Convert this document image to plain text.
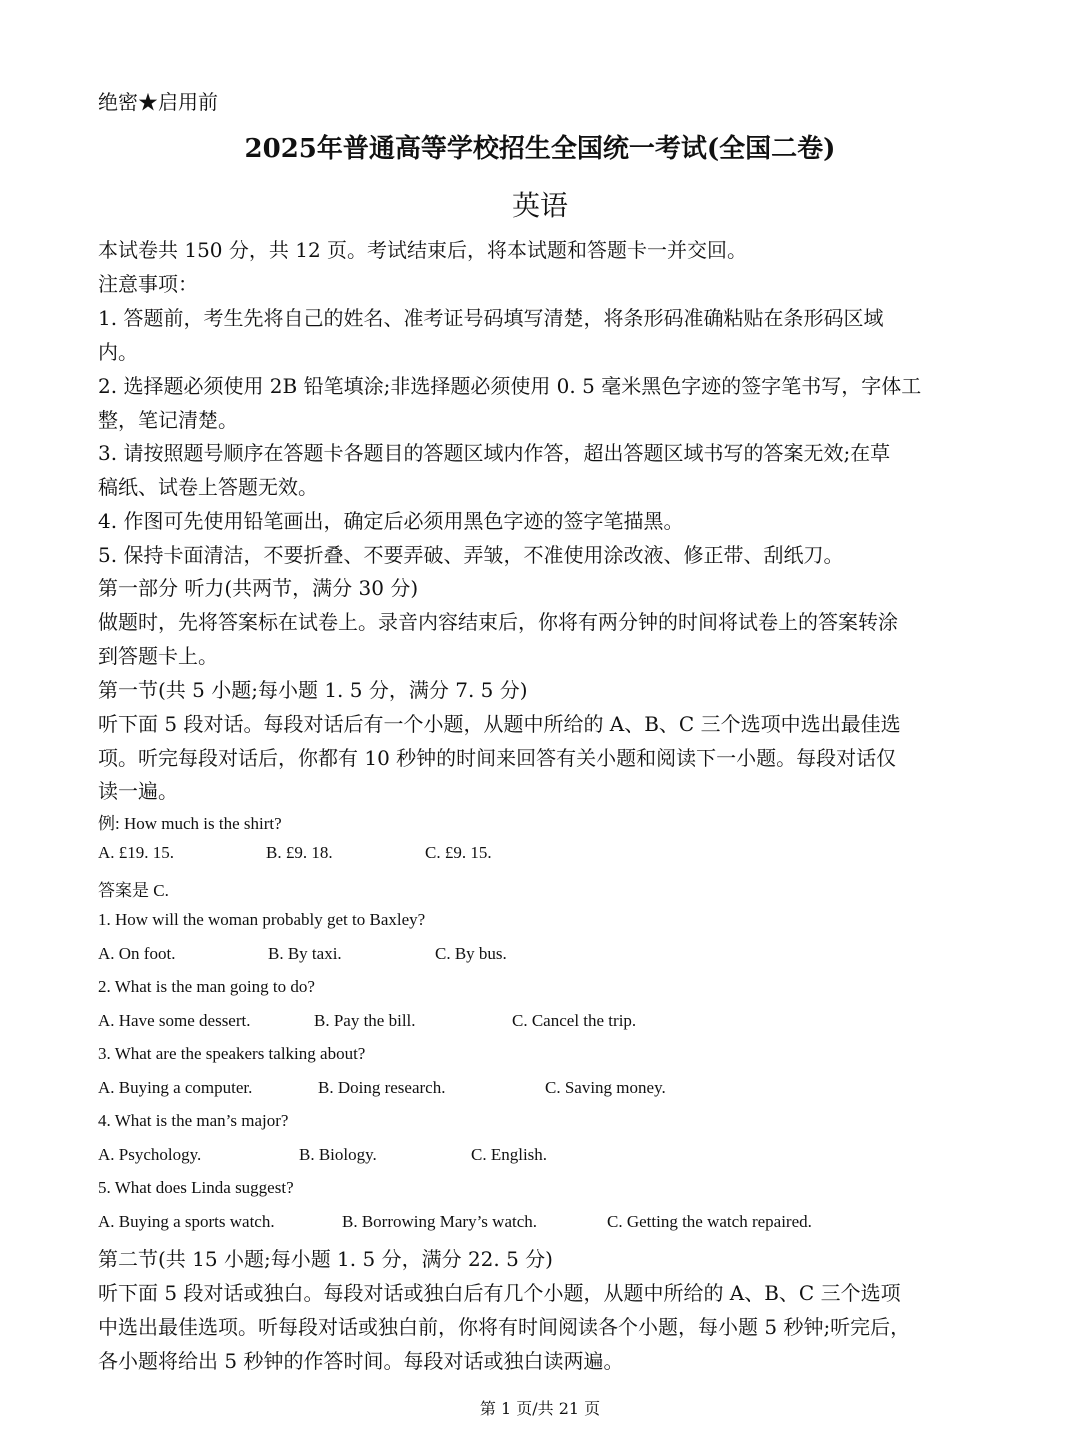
绝密★启用前
2025年普通高等学校招生全国统一考试(全国二卷)
英语
本试卷共 150 分，共 12 页。考试结束后，将本试题和答题卡一并交回。
注意事项：
1. 答题前，考生先将自己的姓名、准考证号码填写清楚，将条形码准确粘贴在条形码区域
内。
2. 选择题必须使用 2B 铅笔填涂;非选择题必须使用 0. 5 毫米黑色字迹的签字笔书写，字体工
整，笔记清楚。
3. 请按照题号顺序在答题卡各题目的答题区域内作答，超出答题区域书写的答案无效;在草
稿纸、试卷上答题无效。
4. 作图可先使用铅笔画出，确定后必须用黑色字迹的签字笔描黑。
5. 保持卡面清洁，不要折叠、不要弄破、弄皱，不准使用涂改液、修正带、刮纸刀。
第一部分 听力(共两节，满分 30 分)
做题时，先将答案标在试卷上。录音内容结束后，你将有两分钟的时间将试卷上的答案转涂
到答题卡上。
第一节(共 5 小题;每小题 1. 5 分，满分 7. 5 分)
听下面 5 段对话。每段对话后有一个小题，从题中所给的 A、B、C 三个选项中选出最佳选
项。听完每段对话后，你都有 10 秒钟的时间来回答有关小题和阅读下一小题。每段对话仅
读一遍。
例: How much is the shirt?
A. £19. 15.	B. £9. 18.	C. £9. 15.
答案是 C.
1. How will the woman probably get to Baxley?
A. On foot.	B. By taxi.	C. By bus.
2. What is the man going to do?
A. Have some dessert.	B. Pay the bill.	C. Cancel the trip.
3. What are the speakers talking about?
A. Buying a computer.	B. Doing research.	C. Saving money.
4. What is the man’s major?
A. Psychology.	B. Biology.	C. English.
5. What does Linda suggest?
A. Buying a sports watch.	B. Borrowing Mary’s watch.	C. Getting the watch repaired.
第二节(共 15 小题;每小题 1. 5 分，满分 22. 5 分)
听下面 5 段对话或独白。每段对话或独白后有几个小题，从题中所给的 A、B、C 三个选项
中选出最佳选项。听每段对话或独白前，你将有时间阅读各个小题，每小题 5 秒钟;听完后，
各小题将给出 5 秒钟的作答时间。每段对话或独白读两遍。
第 1 页/共 21 页
